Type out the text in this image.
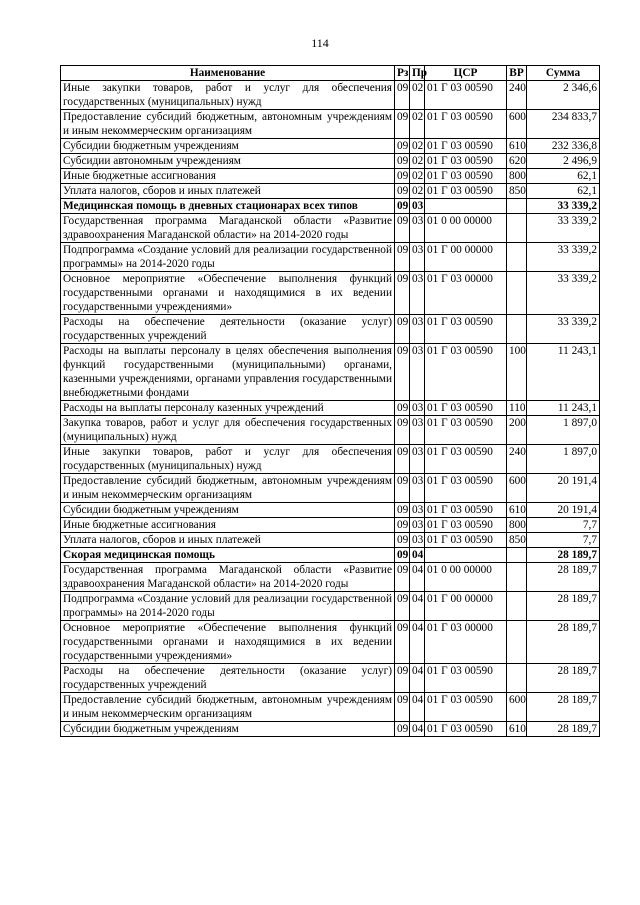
114
Наименование	Рз	Пр	ЦСР	ВР	Сумма
Иные закупки товаров, работ и услуг для обеспечения государственных (муниципальных) нужд	09	02	01 Г 03 00590	240	2 346,6
Предоставление субсидий бюджетным, автономным учреждениям и иным некоммерческим организациям	09	02	01 Г 03 00590	600	234 833,7
Субсидии бюджетным учреждениям	09	02	01 Г 03 00590	610	232 336,8
Субсидии автономным учреждениям	09	02	01 Г 03 00590	620	2 496,9
Иные бюджетные ассигнования	09	02	01 Г 03 00590	800	62,1
Уплата налогов, сборов и иных платежей	09	02	01 Г 03 00590	850	62,1
Медицинская помощь в дневных стационарах всех типов	09	03			33 339,2
Государственная программа Магаданской области «Развитие здравоохранения Магаданской области» на 2014-2020 годы	09	03	01 0 00 00000		33 339,2
Подпрограмма «Создание условий для реализации государственной программы» на 2014-2020 годы	09	03	01 Г 00 00000		33 339,2
Основное мероприятие «Обеспечение выполнения функций государственными органами и находящимися в их ведении государственными учреждениями»	09	03	01 Г 03 00000		33 339,2
Расходы на обеспечение деятельности (оказание услуг) государственных учреждений	09	03	01 Г 03 00590		33 339,2
Расходы на выплаты персоналу в целях обеспечения выполнения функций государственными (муниципальными) органами, казенными учреждениями, органами управления государственными внебюджетными фондами	09	03	01 Г 03 00590	100	11 243,1
Расходы на выплаты персоналу казенных учреждений	09	03	01 Г 03 00590	110	11 243,1
Закупка товаров, работ и услуг для обеспечения государственных (муниципальных) нужд	09	03	01 Г 03 00590	200	1 897,0
Иные закупки товаров, работ и услуг для обеспечения государственных (муниципальных) нужд	09	03	01 Г 03 00590	240	1 897,0
Предоставление субсидий бюджетным, автономным учреждениям и иным некоммерческим организациям	09	03	01 Г 03 00590	600	20 191,4
Субсидии бюджетным учреждениям	09	03	01 Г 03 00590	610	20 191,4
Иные бюджетные ассигнования	09	03	01 Г 03 00590	800	7,7
Уплата налогов, сборов и иных платежей	09	03	01 Г 03 00590	850	7,7
Скорая медицинская помощь	09	04			28 189,7
Государственная программа Магаданской области «Развитие здравоохранения Магаданской области» на 2014-2020 годы	09	04	01 0 00 00000		28 189,7
Подпрограмма «Создание условий для реализации государственной программы» на 2014-2020 годы	09	04	01 Г 00 00000		28 189,7
Основное мероприятие «Обеспечение выполнения функций государственными органами и находящимися в их ведении государственными учреждениями»	09	04	01 Г 03 00000		28 189,7
Расходы на обеспечение деятельности (оказание услуг) государственных учреждений	09	04	01 Г 03 00590		28 189,7
Предоставление субсидий бюджетным, автономным учреждениям и иным некоммерческим организациям	09	04	01 Г 03 00590	600	28 189,7
Субсидии бюджетным учреждениям	09	04	01 Г 03 00590	610	28 189,7
